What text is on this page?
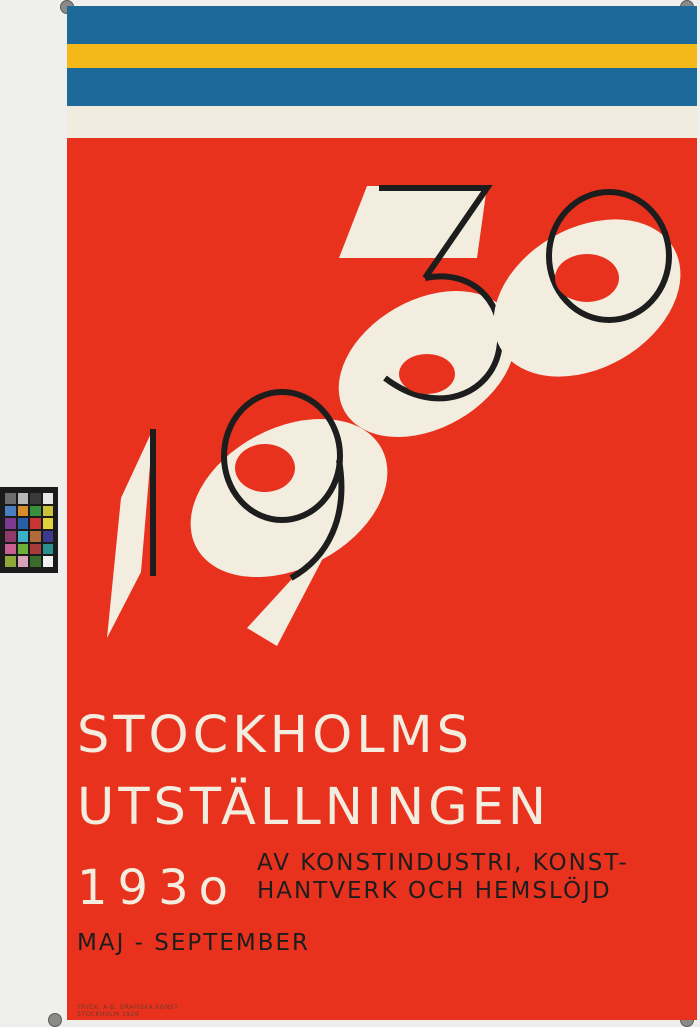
STOCKHOLMS
UTSTÄLLNINGEN
193o AV KONSTINDUSTRI, KONST-
HANTVERK OCH HEMSLÖJD
MAJ - SEPTEMBER
TRYCK. A-B. GRAFISKA KONST
STOCKHOLM 1929
